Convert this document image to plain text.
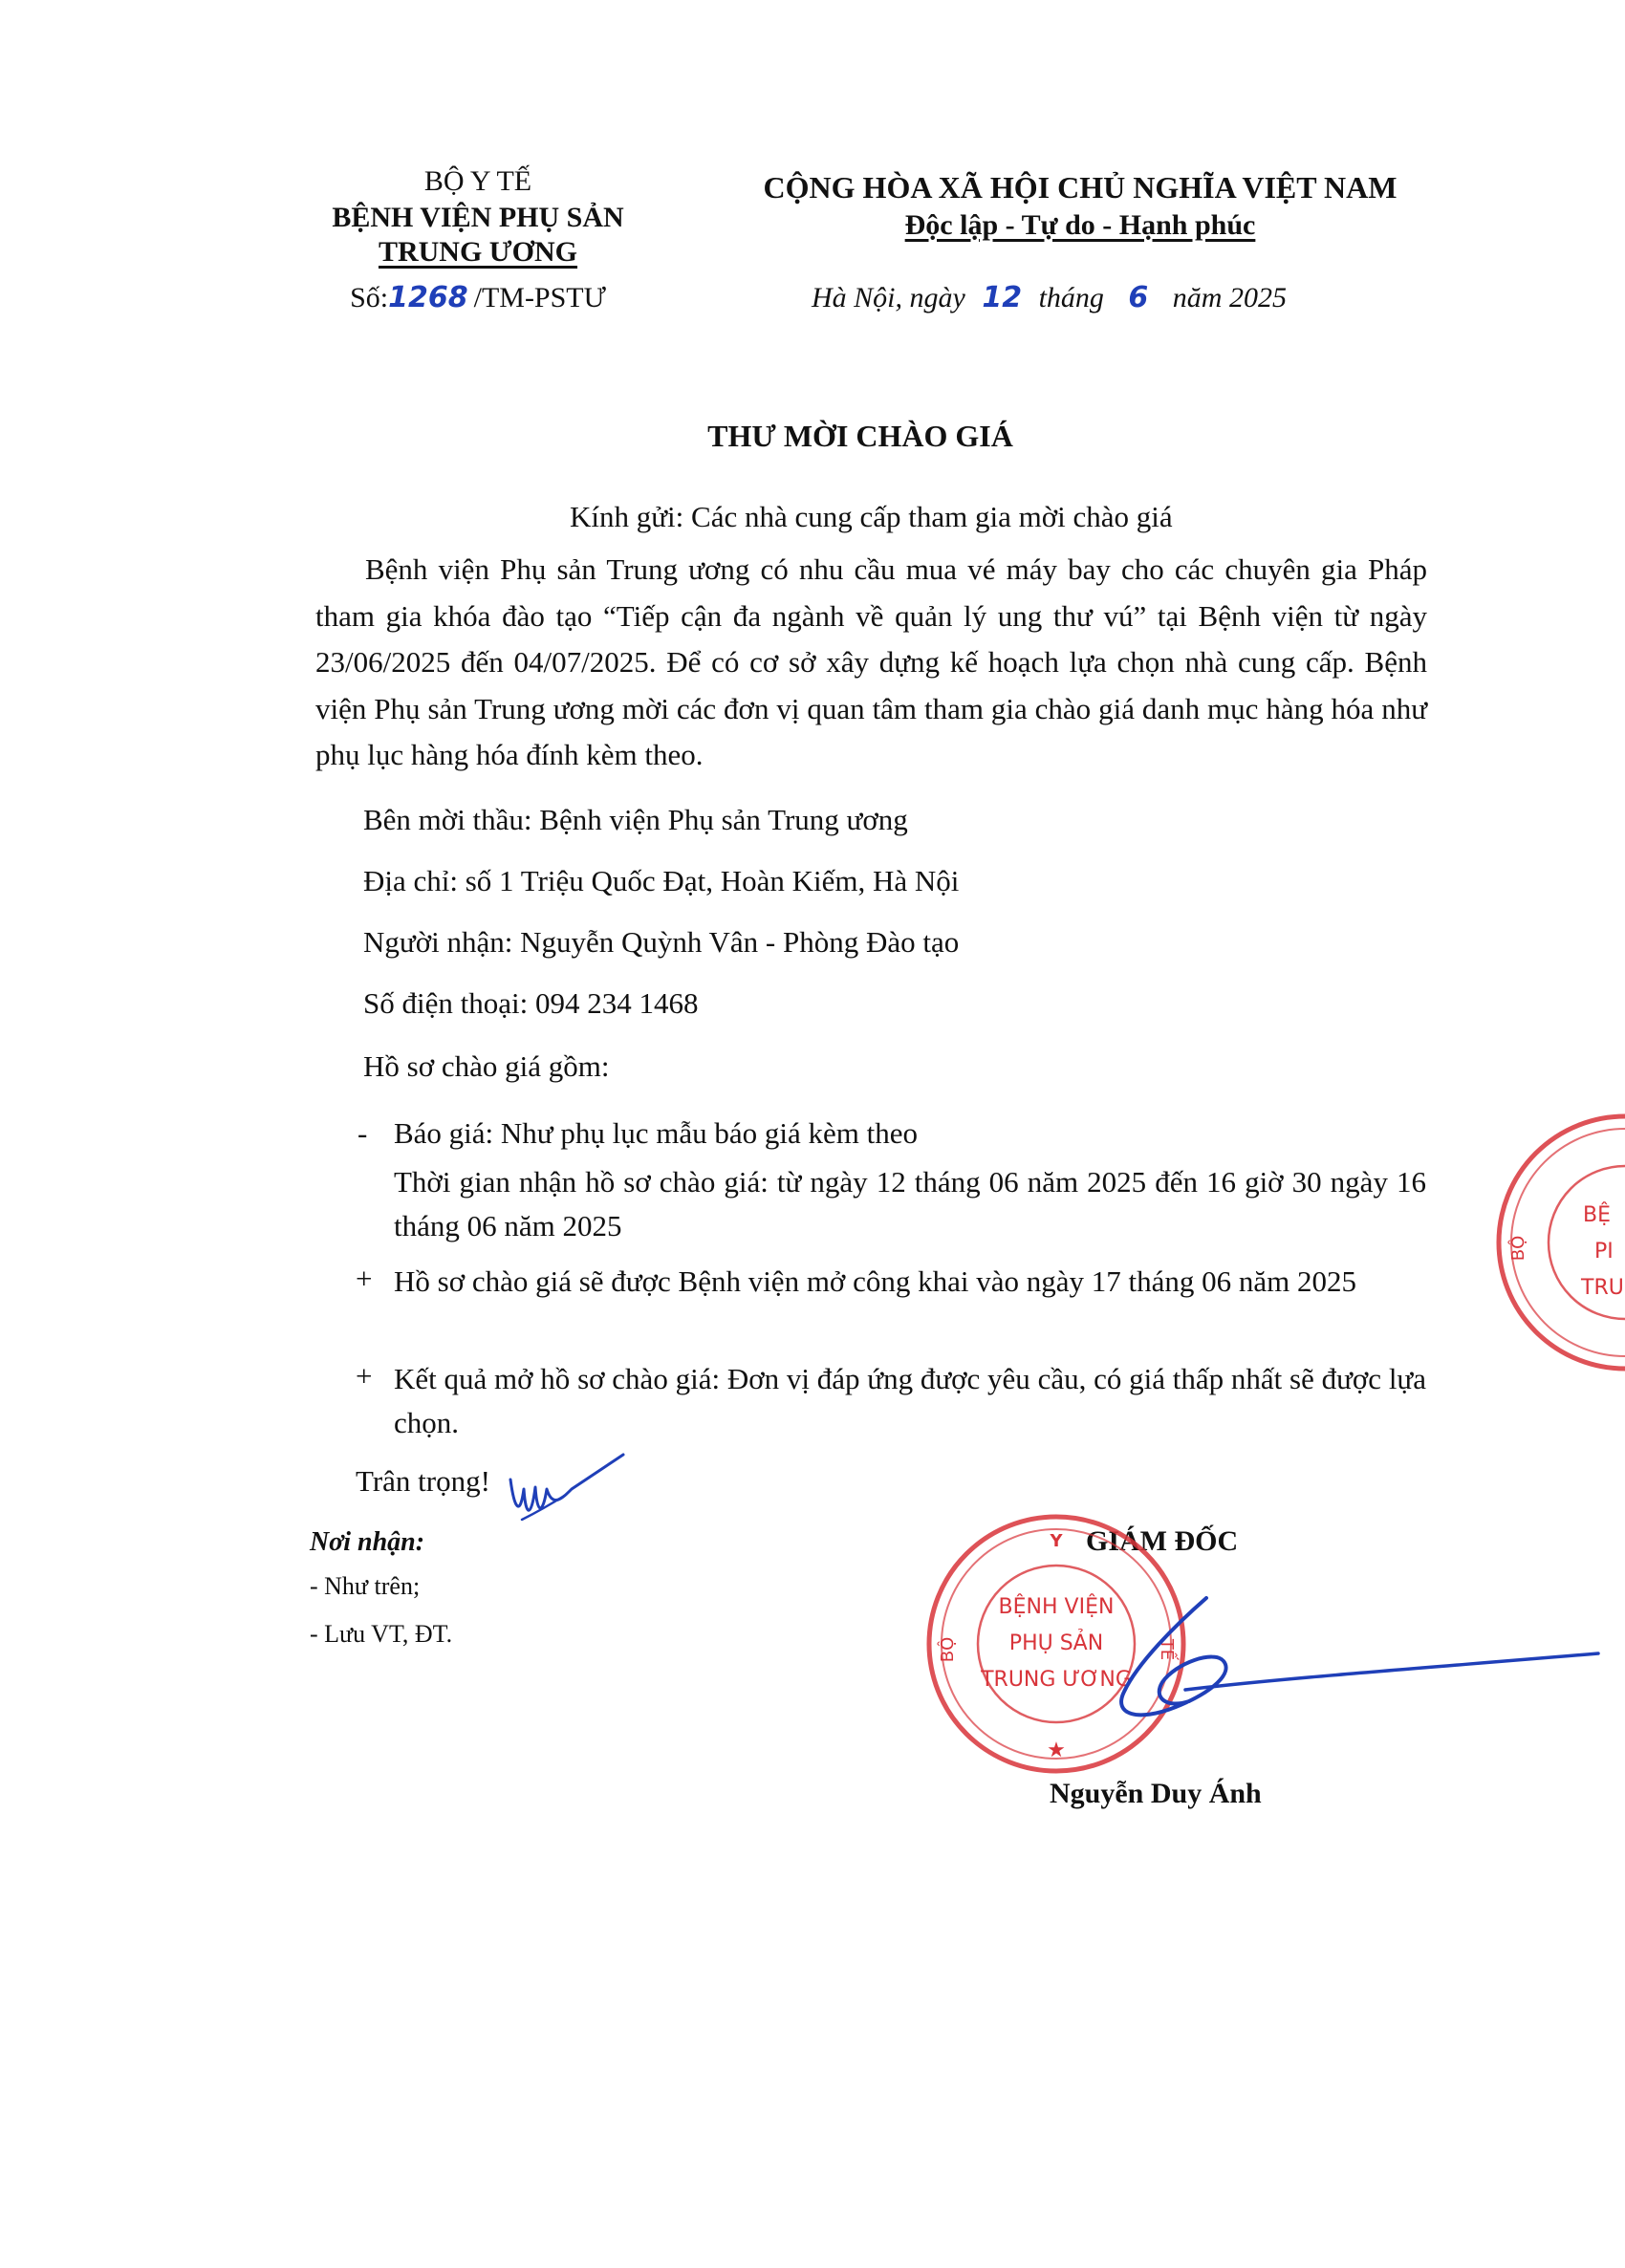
BỘ Y TẾ
BỆNH VIỆN PHỤ SẢN
TRUNG ƯƠNG
Số:1268 /TM-PSTƯ
CỘNG HÒA XÃ HỘI CHỦ NGHĨA VIỆT NAM
Độc lập - Tự do - Hạnh phúc
Hà Nội, ngày 12 tháng 6 năm 2025
THƯ MỜI CHÀO GIÁ
Kính gửi: Các nhà cung cấp tham gia mời chào giá
Bệnh viện Phụ sản Trung ương có nhu cầu mua vé máy bay cho các chuyên gia Pháp tham gia khóa đào tạo “Tiếp cận đa ngành về quản lý ung thư vú” tại Bệnh viện từ ngày 23/06/2025 đến 04/07/2025. Để có cơ sở xây dựng kế hoạch lựa chọn nhà cung cấp. Bệnh viện Phụ sản Trung ương mời các đơn vị quan tâm tham gia chào giá danh mục hàng hóa như phụ lục hàng hóa đính kèm theo.
Bên mời thầu: Bệnh viện Phụ sản Trung ương
Địa chỉ: số 1 Triệu Quốc Đạt, Hoàn Kiếm, Hà Nội
Người nhận: Nguyễn Quỳnh Vân - Phòng Đào tạo
Số điện thoại: 094 234 1468
Hồ sơ chào giá gồm:
- Báo giá: Như phụ lục mẫu báo giá kèm theo
Thời gian nhận hồ sơ chào giá: từ ngày 12 tháng 06 năm 2025 đến 16 giờ 30 ngày 16 tháng 06 năm 2025
+ Hồ sơ chào giá sẽ được Bệnh viện mở công khai vào ngày 17 tháng 06 năm 2025
+ Kết quả mở hồ sơ chào giá: Đơn vị đáp ứng được yêu cầu, có giá thấp nhất sẽ được lựa chọn.
Trân trọng!
Nơi nhận:
- Như trên;
- Lưu VT, ĐT.
GIÁM ĐỐC
BỆNH VIỆN
PHỤ SẢN
TRUNG ƯƠNG
BỘ
Y
TẾ
★
Nguyễn Duy Ánh
BỆ
PI
TRU
BỘ
